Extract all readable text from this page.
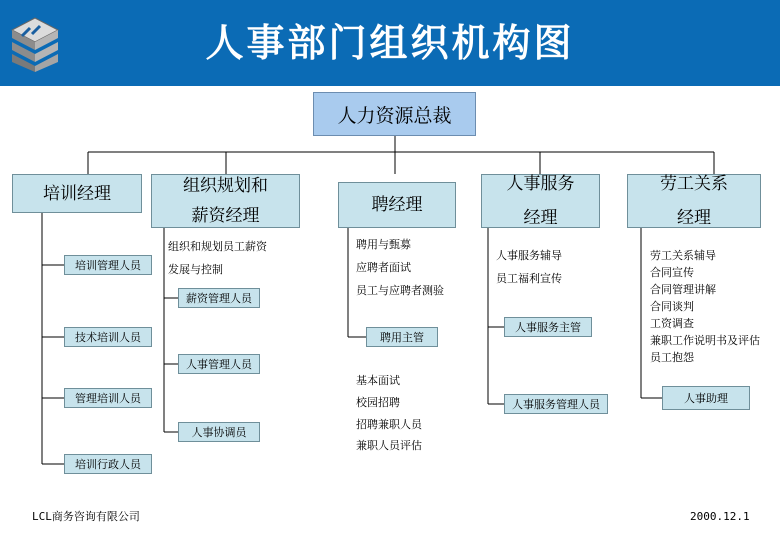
人事部门组织机构图
人力资源总裁
培训经理	组织规划和
薪资经理
聘经理
人事服务
经理
劳工关系
经理
培训管理人员
技术培训人员
管理培训人员
培训行政人员
组织和规划员工薪资
发展与控制
薪资管理人员
人事管理人员
人事协调员
聘用与甄募
应聘者面试
员工与应聘者测验
聘用主管
基本面试
校园招聘
招聘兼职人员
兼职人员评估
人事服务辅导
员工福利宣传
人事服务主管
人事服务管理人员
劳工关系辅导
合同宣传
合同管理讲解
合同谈判
工资调查
兼职工作说明书及评估
员工抱怨
人事助理
LCL商务咨询有限公司	2000.12.1
